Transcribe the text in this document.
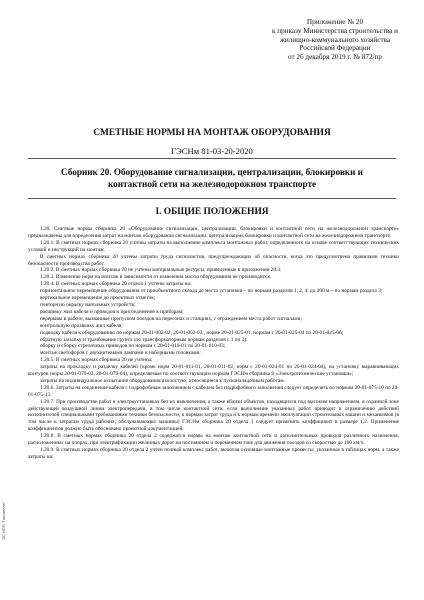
Приложение № 20
к приказу Министерства строительства и
жилищно-коммунального хозяйства
Российской Федерации
от 26 декабря 2019 г. № 872/пр
СМЕТНЫЕ НОРМЫ НА МОНТАЖ ОБОРУДОВАНИЯ
ГЭСНм 81-03-20-2020
Сборник 20. Оборудование сигнализации, централизации, блокировки и контактной сети на железнодорожном транспорте
I. ОБЩИЕ ПОЛОЖЕНИЯ

1.20. Сметные нормы сборника 20 «Оборудование сигнализации, централизации, блокировки и контактной сети на железнодорожном транспорте» предназначены для определения затрат на монтаж оборудования сигнализации, централизации, блокировки и контактной сети на железнодорожном транспорте.

1.20.1. В сметных нормах сборника 20 учтены затраты на выполнение комплекса монтажных работ, определенного на основе соответствующих технических условий и инструкций на монтаж.

В сметных нормах сборника 20 учтены затраты труда сигналистов, предупреждающих об опасности, когда это предусмотрено правилами техники безопасности производства работ.

1.20.2. В сметных нормах сборника 20 не учтены материальные ресурсы, приведенные в приложении 20.3.

1.20.3. Изменение норм на монтаж в зависимости от изменения массы оборудования не производится.

1.20.4. В сметных нормах сборника 20 отдела 1 учтены затраты на:

горизонтальное перемещение оборудования от приобъектного склада до места установки – по нормам разделов 1, 2, 4; до 200 м – по нормам раздела 3;

вертикальное перемещение до проектных отметок;

повторную окраску напольных устройств;

расшивку жил кабеля и проводов и присоединение к приборам;

перерывы в работе, вызванные пропуском поездов на перегонах и станциях, с ограждением места работ сигналами;

контрольную прозвонку жил кабеля;

подводку кабеля к оборудованию по нормам 20-01-002-02, 20-01-002-03 , норме 20-01-025-01, нормам с 20-01-025-04 по 20-01-025-06;

обратную засыпку и трамбование грунта (по трансформаторным нормам разделов с 1 по 3);

оборку и сборку стрелочных приводов по нормам с 20-01-010-01 по 20-01-010-03;

монтаж светофоров с двухнитевыми лампами и наборными головками.

1.20.5. В сметных нормах сборника 20 не учтены:

затраты на прокладку и разделку кабелей (кроме норм 20-01-011-01, 20-01-011-02, норм с 20-01-024-01 по 20-01-024-04), на установку выравнивающих контуров (норм 20-01-079-03, 20-01-079-04), определяемые по соответствующим нормам ГЭСНм сборника 8 «Электротехнические установки»;

затраты на индивидуальное испытание оборудования вхолостую, относящиеся к пусконаладочным работам.

1.20.6. Затраты на соединение кабеля с гидрофобным заполнением с кабелем без гидрофобного заполнения следует определять по нормам 20-01-075-10 по 20-01-075-13.

1.20.7. При производстве работ в электроустановках без их выключения, а также вблизи объектов, находящихся под высоким напряжением, в охранной зоне действующей воздушной линии электропередачи, в том числе контактной сети, если выполнение указанных работ приводит к ограничению действий исполнителей специальными требованиями техники безопасности, к нормам затрат труда и к нормам времени эксплуатации строительных машин и механизмов (в том числе к затратам труда рабочих, обслуживающих машины) ГЭСНм сборника 20 отдела 1 следует применять коэффициент в размере 1,2. Применение коэффициентов должно быть обосновано проектной документацией.

1.20.8. В сметных нормах сборника 20 отдела 2 содержатся нормы на монтаж контактной сети и дополнительных проводов различного назначения, расположенных на опорах, при электрификации железных дорог на постоянном и переменном токе для движения поездов со скоростью до 160 км/ч.

1.20.9. В сметных нормах сборника 20 отдела 2 учтен полный комплекс работ, включая основные монтажные процессы, указанные в таблицах норм, а также затраты на:

ЭС НПП "Гектаплан"
